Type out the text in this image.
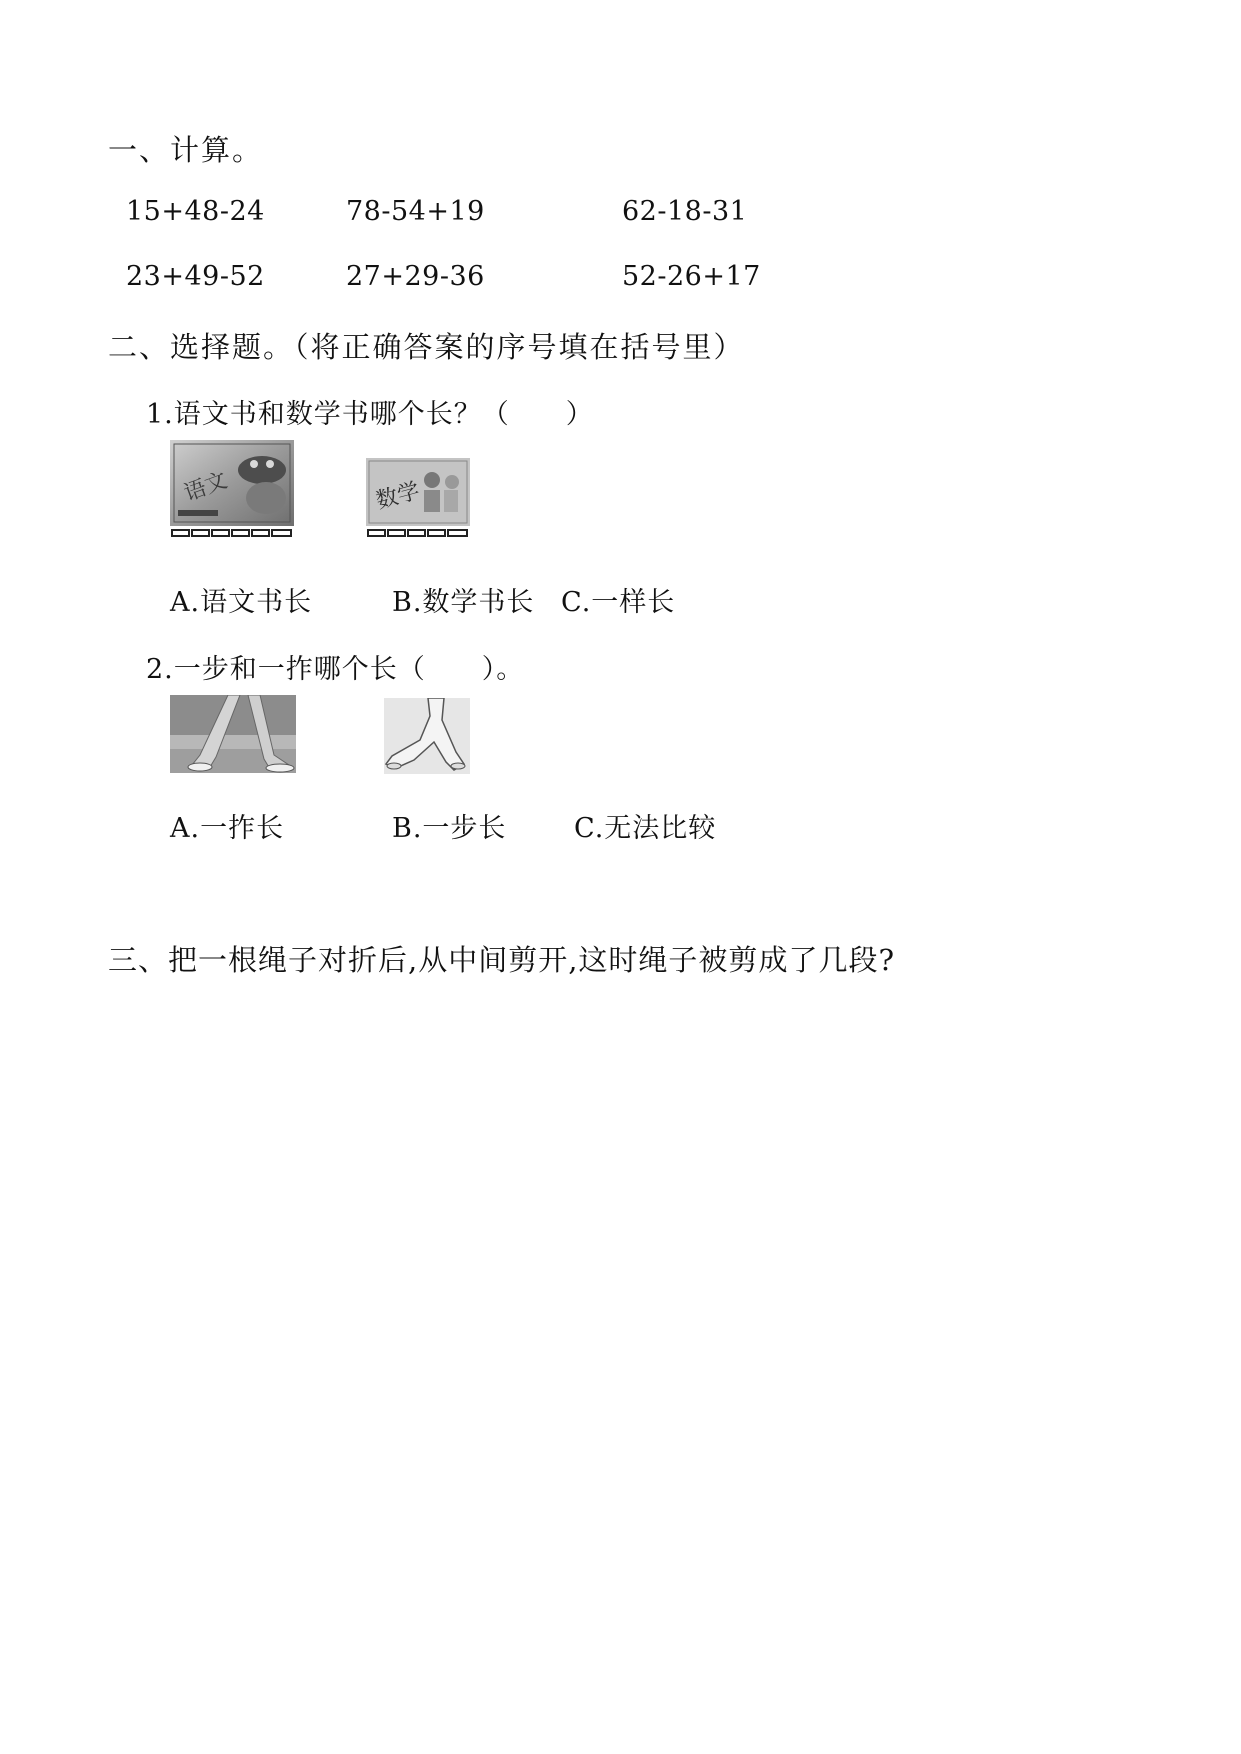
一、计算。
15+48-24	78-54+19	62-18-31
23+49-52	27+29-36	52-26+17
二、选择题。（将正确答案的序号填在括号里）
1.语文书和数学书哪个长？（　　）
语文	数学
A.语文书长	B.数学书长 C.一样长
2.一步和一拃哪个长（　　）。
A.一拃长	B.一步长	C.无法比较
三、把一根绳子对折后,从中间剪开,这时绳子被剪成了几段?
